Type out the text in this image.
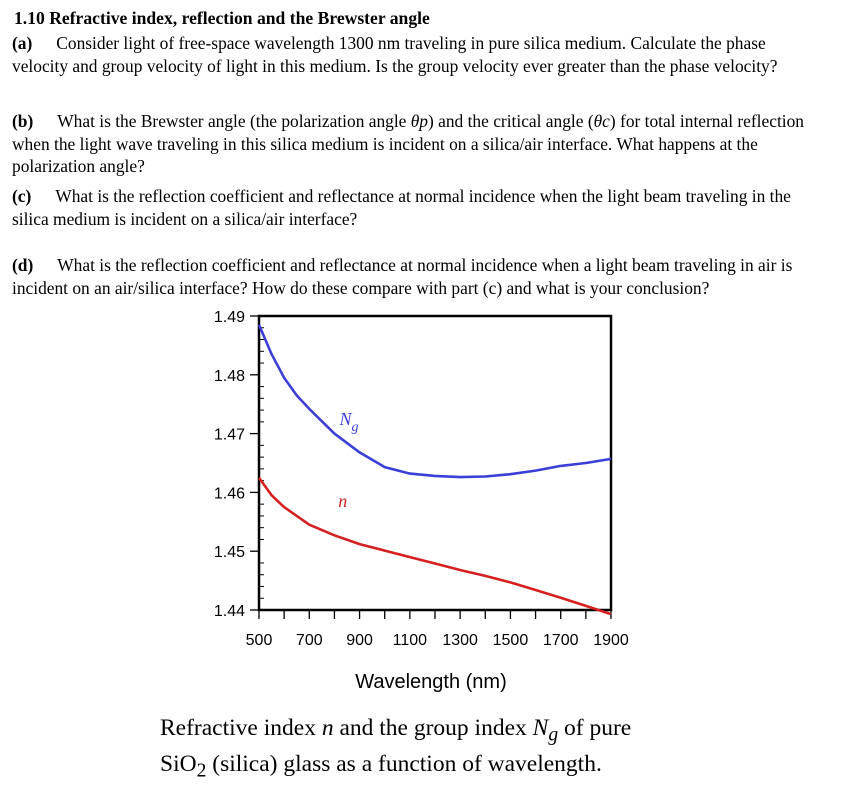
1.10 Refractive index, reflection and the Brewster angle

(a) Consider light of free-space wavelength 1300 nm traveling in pure silica medium. Calculate the phase velocity and group velocity of light in this medium. Is the group velocity ever greater than the phase velocity?

(b) What is the Brewster angle (the polarization angle θp) and the critical angle (θc) for total internal reflection when the light wave traveling in this silica medium is incident on a silica/air interface. What happens at the polarization angle?

(c) What is the reflection coefficient and reflectance at normal incidence when the light beam traveling in the silica medium is incident on a silica/air interface?

(d) What is the reflection coefficient and reflectance at normal incidence when a light beam traveling in air is incident on an air/silica interface? How do these compare with part (c) and what is your conclusion?

500 700 900 1100 1300 1500 1700 1900
1.44
1.45
1.46
1.47
1.48
1.49
Wavelength (nm)
$N_g$
n
Refractive index n and the group index $N_g$ of pure
SiO$_2$ (silica) glass as a function of wavelength.
